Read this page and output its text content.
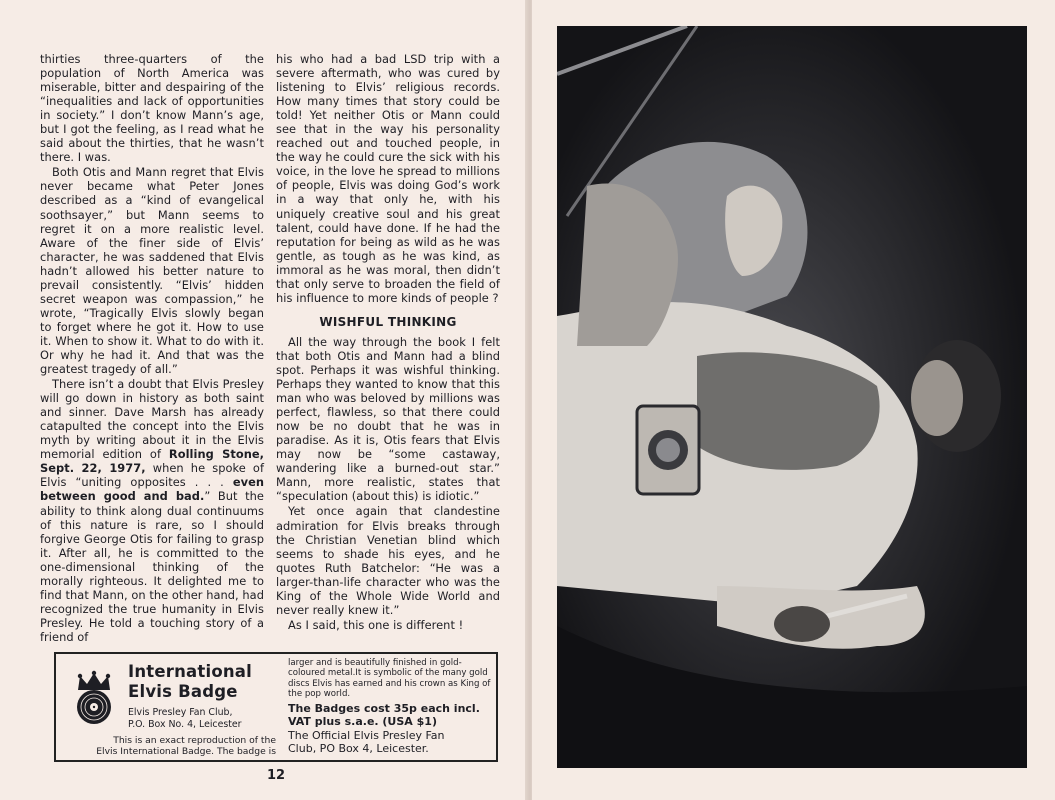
thirties three-quarters of the population of North America was miserable, bitter and despairing of the “inequalities and lack of opportunities in society.” I don’t know Mann’s age, but I got the feeling, as I read what he said about the thirties, that he wasn’t there. I was.

Both Otis and Mann regret that Elvis never became what Peter Jones described as a “kind of evangelical soothsayer,” but Mann seems to regret it on a more realistic level. Aware of the finer side of Elvis’ character, he was saddened that Elvis hadn’t allowed his better nature to prevail consistently. “Elvis’ hidden secret weapon was compassion,” he wrote, “Tragically Elvis slowly began to forget where he got it. How to use it. When to show it. What to do with it. Or why he had it. And that was the greatest tragedy of all.”

There isn’t a doubt that Elvis Presley will go down in history as both saint and sinner. Dave Marsh has already catapulted the concept into the Elvis myth by writing about it in the Elvis memorial edition of Rolling Stone, Sept. 22, 1977, when he spoke of Elvis “uniting opposites . . . even between good and bad.” But the ability to think along dual continuums of this nature is rare, so I should forgive George Otis for failing to grasp it. After all, he is committed to the one-dimensional thinking of the morally righteous. It delighted me to find that Mann, on the other hand, had recognized the true humanity in Elvis Presley. He told a touching story of a friend of

his who had a bad LSD trip with a severe aftermath, who was cured by listening to Elvis’ religious records. How many times that story could be told! Yet neither Otis or Mann could see that in the way his personality reached out and touched people, in the way he could cure the sick with his voice, in the love he spread to millions of people, Elvis was doing God’s work in a way that only he, with his uniquely creative soul and his great talent, could have done. If he had the reputation for being as wild as he was gentle, as tough as he was kind, as immoral as he was moral, then didn’t that only serve to broaden the field of his influence to more kinds of people ?

WISHFUL THINKING

All the way through the book I felt that both Otis and Mann had a blind spot. Perhaps it was wishful thinking. Perhaps they wanted to know that this man who was beloved by millions was perfect, flawless, so that there could now be no doubt that he was in paradise. As it is, Otis fears that Elvis may now be “some castaway, wandering like a burned-out star.” Mann, more realistic, states that “speculation (about this) is idiotic.”

Yet once again that clandestine admiration for Elvis breaks through the Christian Venetian blind which seems to shade his eyes, and he quotes Ruth Batchelor: “He was a larger-than-life character who was the King of the Whole Wide World and never really knew it.”

As I said, this one is different !

International
Elvis Badge
Elvis Presley Fan Club,
P.O. Box No. 4, Leicester
This is an exact reproduction of the
Elvis International Badge. The badge is
larger and is beautifully finished in gold-coloured metal.It is symbolic of the many gold discs Elvis has earned and his crown as King of the pop world.
The Badges cost 35p each incl.
VAT plus s.a.e. (USA $1)
The Official Elvis Presley Fan
Club, PO Box 4, Leicester.
12
